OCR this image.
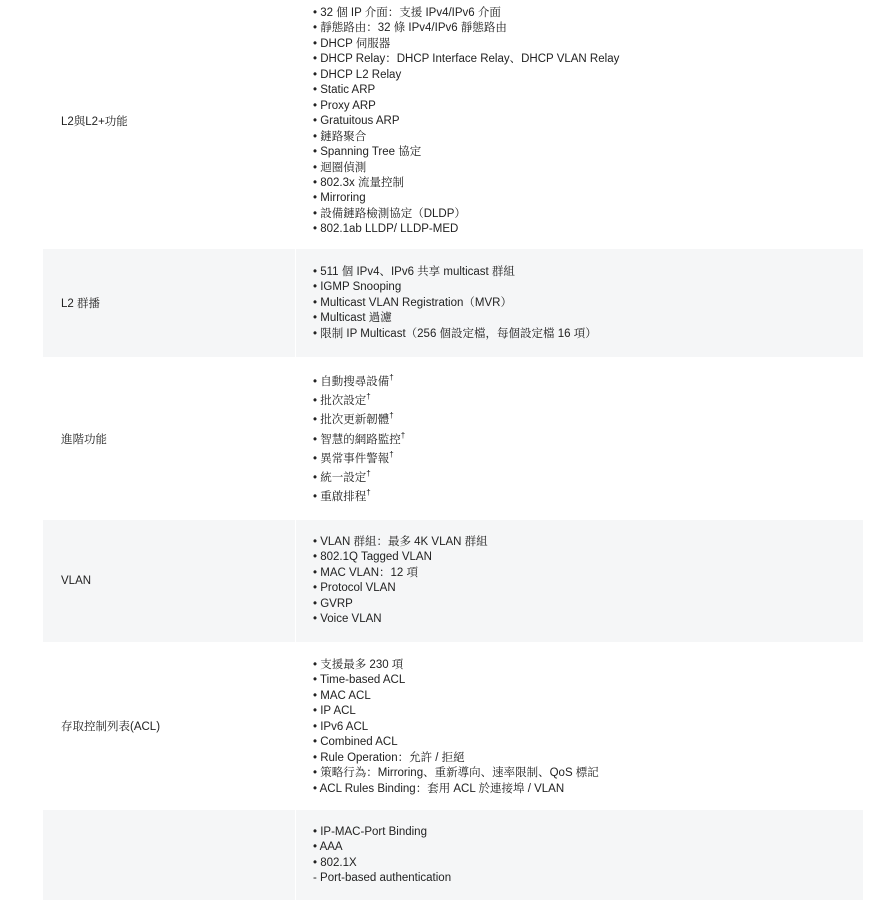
L2與L2+功能
• 32 個 IP 介面：支援 IPv4/IPv6 介面
• 靜態路由：32 條 IPv4/IPv6 靜態路由
• DHCP 伺服器
• DHCP Relay：DHCP Interface Relay、DHCP VLAN Relay
• DHCP L2 Relay
• Static ARP
• Proxy ARP
• Gratuitous ARP
• 鏈路聚合
• Spanning Tree 協定
• 迴圈偵測
• 802.3x 流量控制
• Mirroring
• 設備鏈路檢測協定（DLDP）
• 802.1ab LLDP/ LLDP-MED
L2 群播
• 511 個 IPv4、IPv6 共享 multicast 群組
• IGMP Snooping
• Multicast VLAN Registration（MVR）
• Multicast 過濾
• 限制 IP Multicast（256 個設定檔，每個設定檔 16 項）
進階功能
• 自動搜尋設備†
• 批次設定†
• 批次更新韌體†
• 智慧的網路監控†
• 異常事件警報†
• 統一設定†
• 重啟排程†
VLAN
• VLAN 群組：最多 4K VLAN 群組
• 802.1Q Tagged VLAN
• MAC VLAN：12 項
• Protocol VLAN
• GVRP
• Voice VLAN
存取控制列表(ACL)
• 支援最多 230 項
• Time-based ACL
• MAC ACL
• IP ACL
• IPv6 ACL
• Combined ACL
• Rule Operation：允許 / 拒絕
• 策略行為：Mirroring、重新導向、速率限制、QoS 標記
• ACL Rules Binding：套用 ACL 於連接埠 / VLAN
• IP-MAC-Port Binding
• AAA
• 802.1X
- Port-based authentication
